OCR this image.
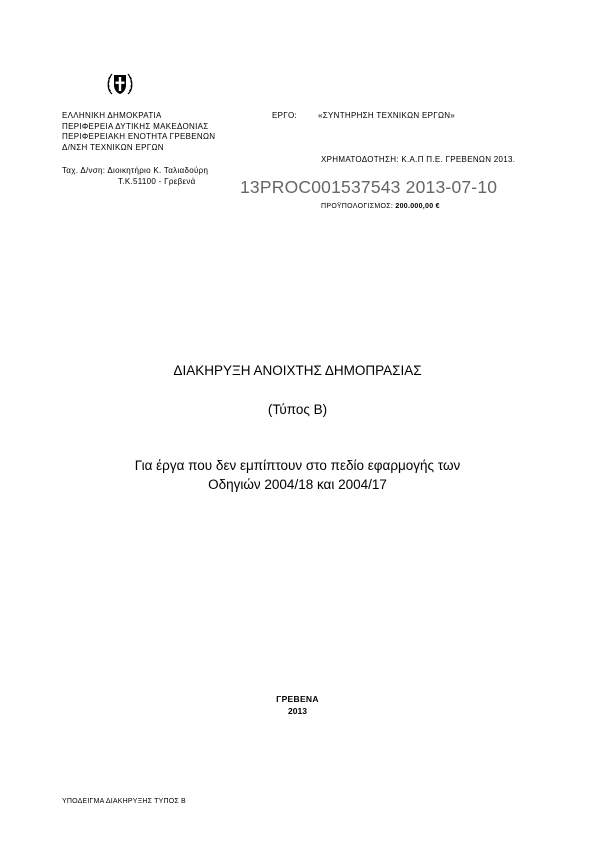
ΕΛΛΗΝΙΚΗ ΔΗΜΟΚΡΑΤΙΑ
ΠΕΡΙΦΕΡΕΙΑ ΔΥΤΙΚΗΣ ΜΑΚΕΔΟΝΙΑΣ
ΠΕΡΙΦΕΡΕΙΑΚΗ ΕΝΟΤΗΤΑ ΓΡΕΒΕΝΩΝ
Δ/ΝΣΗ ΤΕΧΝΙΚΩΝ ΕΡΓΩΝ
Ταχ. Δ/νση: Διοικητήριο Κ. Ταλιαδούρη
Τ.Κ.51100 - Γρεβενά
ΕΡΓΟ:	«ΣΥΝΤΗΡΗΣΗ ΤΕΧΝΙΚΩΝ ΕΡΓΩΝ»
ΧΡΗΜΑΤΟΔΟΤΗΣΗ: Κ.Α.Π Π.Ε. ΓΡΕΒΕΝΩΝ 2013.
13PROC001537543 2013-07-10
ΠΡΟΫΠΟΛΟΓΙΣΜΟΣ: 200.000,00 €
ΔΙΑΚΗΡΥΞΗ ΑΝΟΙΧΤΗΣ ΔΗΜΟΠΡΑΣΙΑΣ
(Τύπος Β)
Για έργα που δεν εμπίπτουν στο πεδίο εφαρμογής των
Οδηγιών 2004/18 και 2004/17
ΓΡΕΒΕΝΑ
2013
ΥΠΟΔΕΙΓΜΑ ΔΙΑΚΗΡΥΞΗΣ ΤΥΠΟΣ Β
